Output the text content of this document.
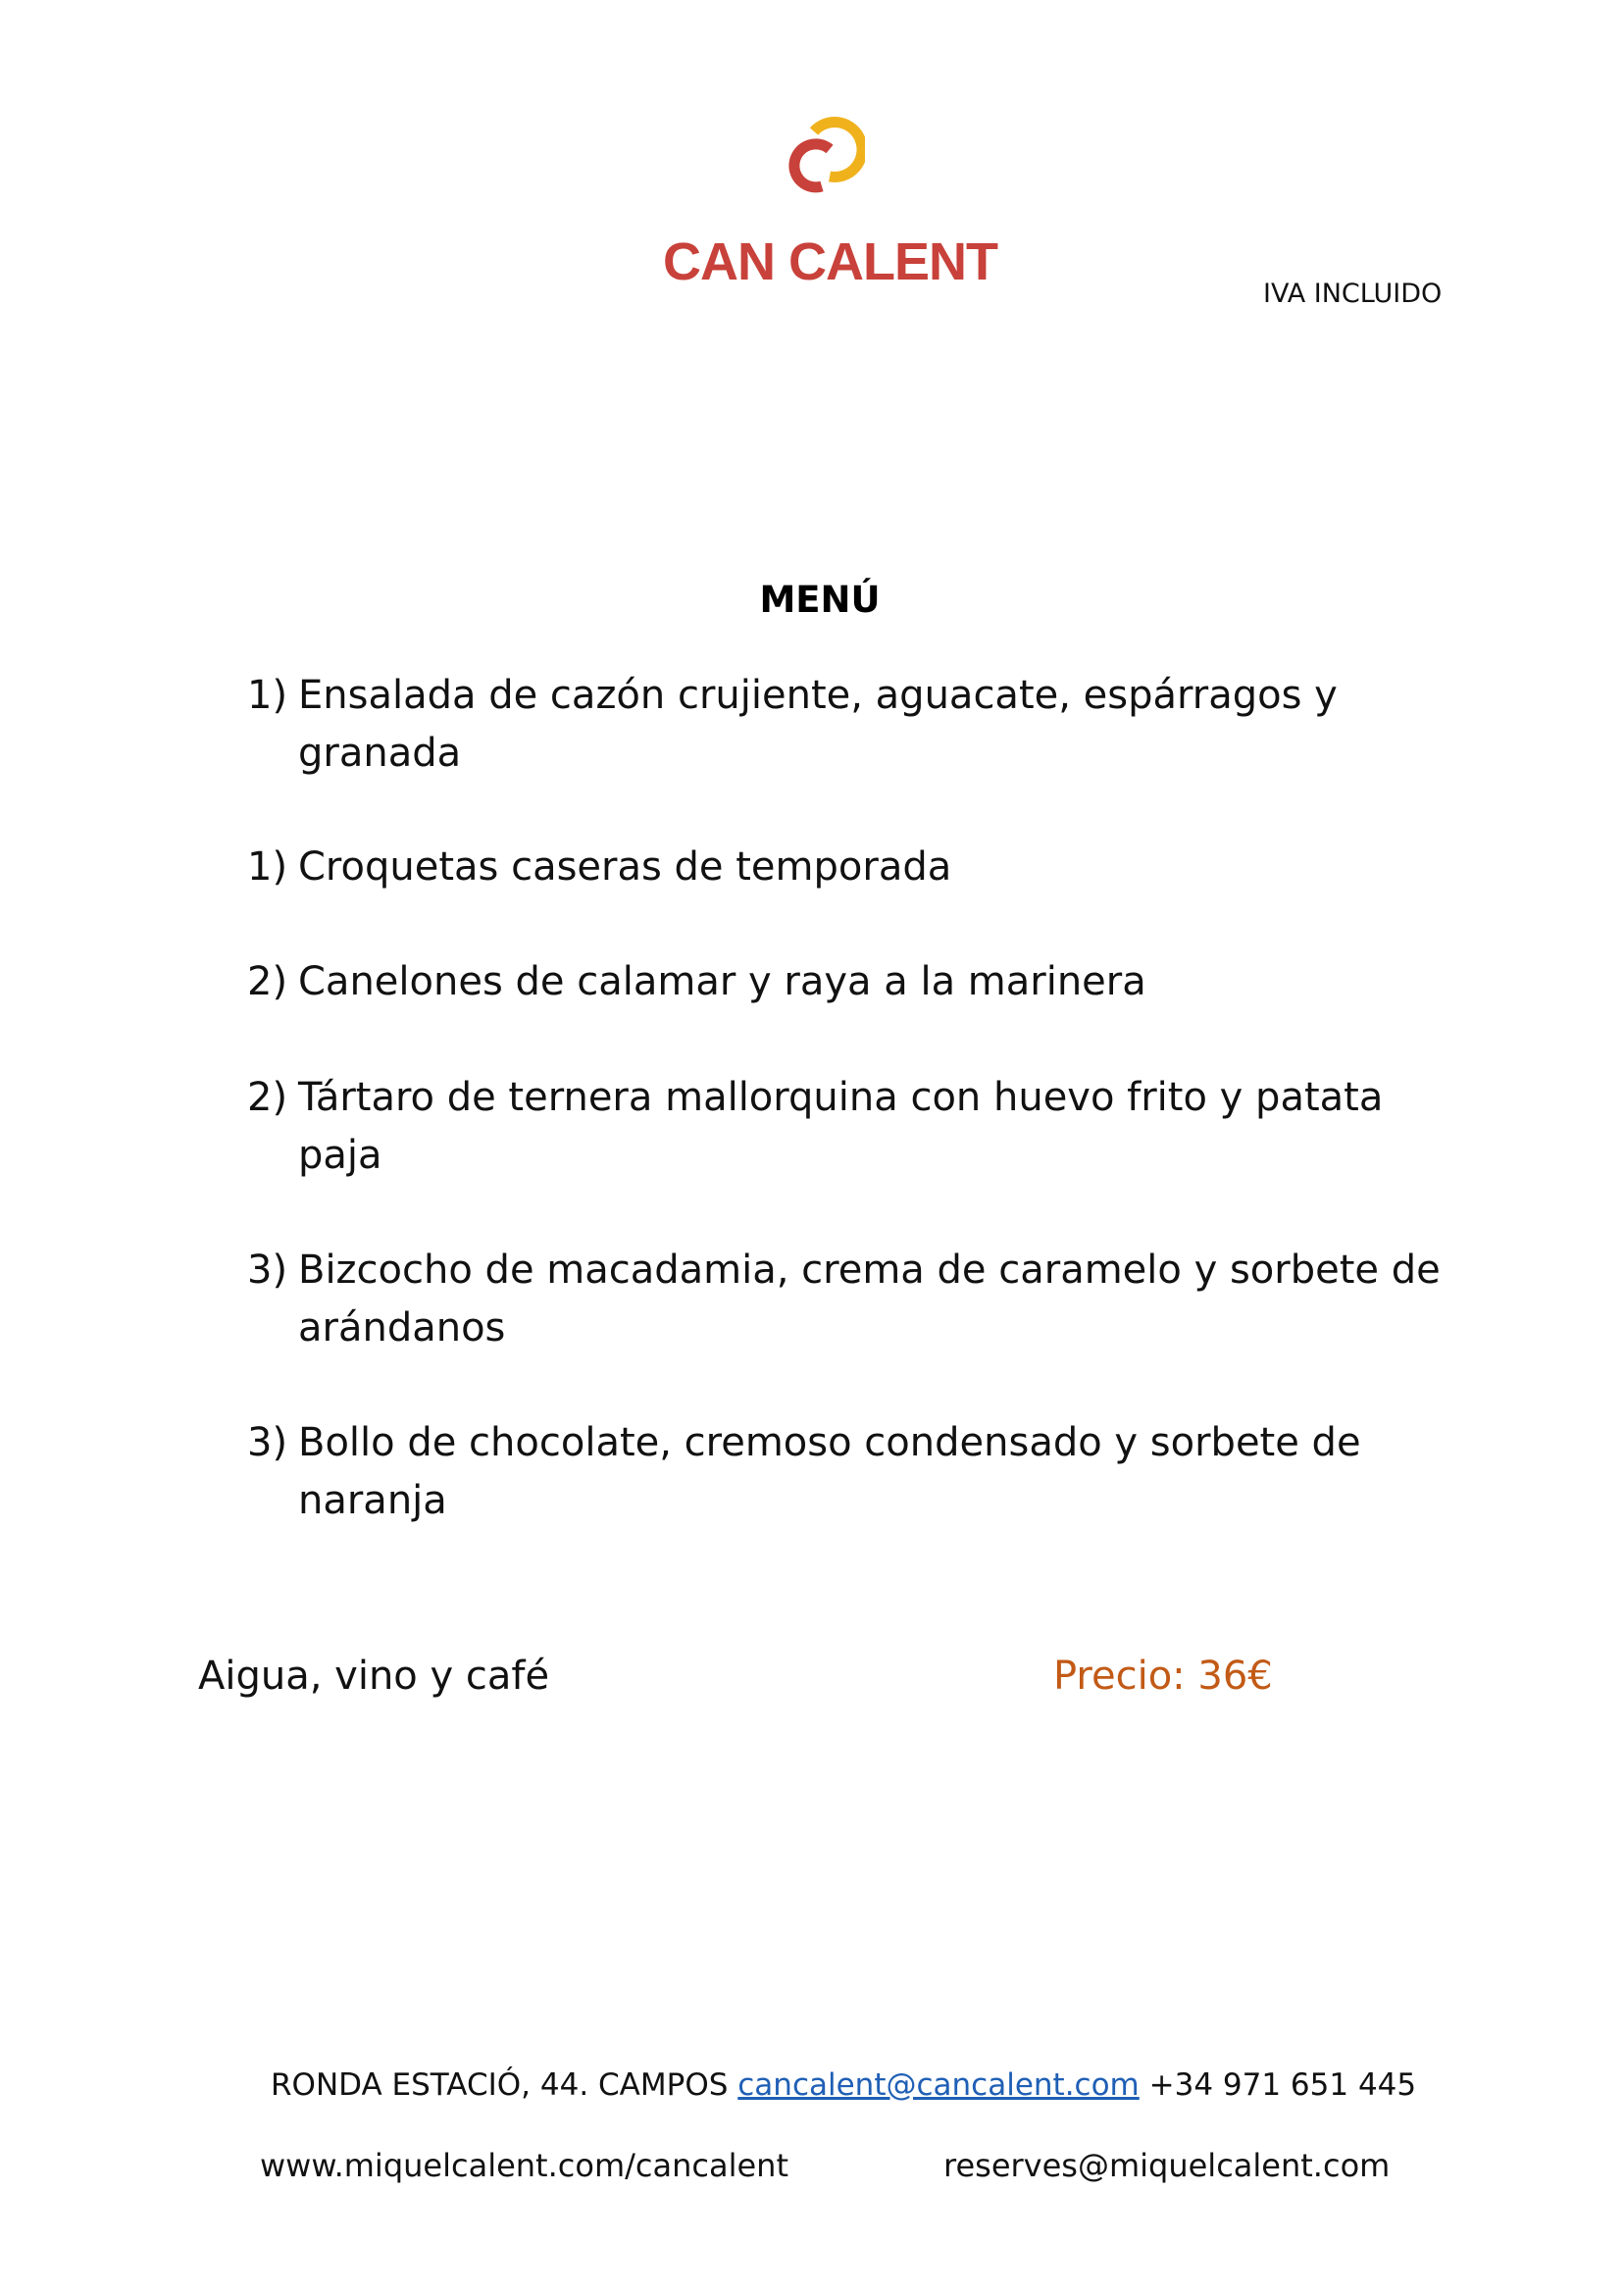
CAN CALENT
IVA INCLUIDO
MENÚ
1) Ensalada de cazón crujiente, aguacate, espárragos y granada
1) Croquetas caseras de temporada
2) Canelones de calamar y raya a la marinera
2) Tártaro de ternera mallorquina con huevo frito y patata paja
3) Bizcocho de macadamia, crema de caramelo y sorbete de arándanos
3) Bollo de chocolate, cremoso condensado y sorbete de naranja
Aigua, vino y café	Precio: 36€
RONDA ESTACIÓ, 44. CAMPOS cancalent@cancalent.com +34 971 651 445
www.miquelcalent.com/cancalent	reserves@miquelcalent.com
